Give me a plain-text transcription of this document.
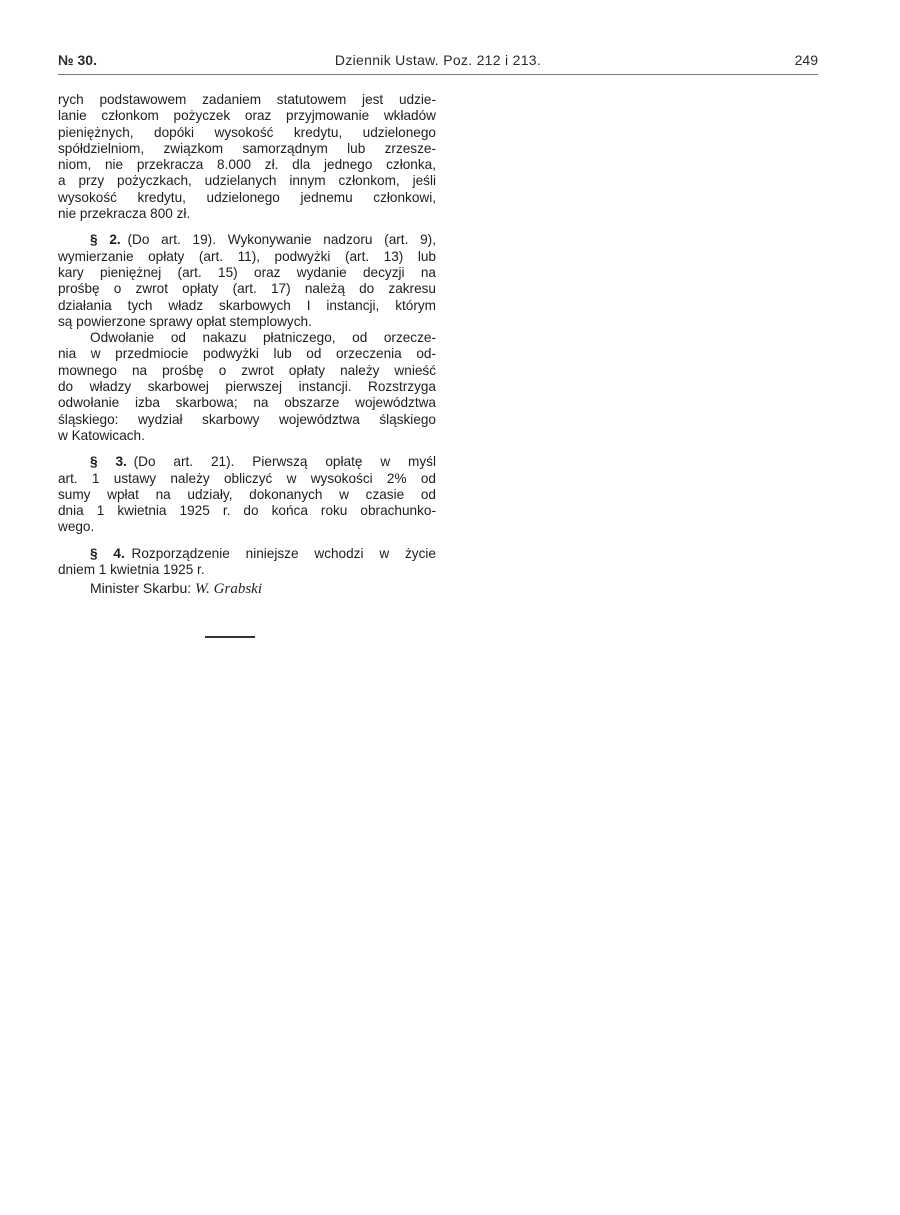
№ 30.	Dziennik Ustaw. Poz. 212 i 213.	249
rych podstawowem zadaniem statutowem jest udzie-
lanie członkom pożyczek oraz przyjmowanie wkładów
pieniężnych, dopóki wysokość kredytu, udzielonego
spółdzielniom, związkom samorządnym lub zrzesze-
niom, nie przekracza 8.000 zł. dla jednego członka,
a przy pożyczkach, udzielanych innym członkom, jeśli
wysokość kredytu, udzielonego jednemu członkowi,
nie przekracza 800 zł.
§ 2.  (Do art. 19). Wykonywanie nadzoru (art. 9),
wymierzanie opłaty (art. 11), podwyżki (art. 13) lub
kary pieniężnej (art. 15) oraz wydanie decyzji na
prośbę o zwrot opłaty (art. 17) należą do zakresu
działania tych władz skarbowych I instancji, którym
są powierzone sprawy opłat stemplowych.
Odwołanie od nakazu płatniczego, od orzecze-
nia w przedmiocie podwyżki lub od orzeczenia od-
mownego na prośbę o zwrot opłaty należy wnieść
do władzy skarbowej pierwszej instancji. Rozstrzyga
odwołanie izba skarbowa; na obszarze województwa
śląskiego: wydział skarbowy województwa śląskiego
w Katowicach.
§ 3.  (Do art. 21). Pierwszą opłatę w myśl
art. 1 ustawy należy obliczyć w wysokości 2% od
sumy wpłat na udziały, dokonanych w czasie od
dnia 1 kwietnia 1925 r. do końca roku obrachunko-
wego.
§ 4.  Rozporządzenie niniejsze wchodzi w życie
dniem 1 kwietnia 1925 r.
Minister Skarbu: W. Grabski
